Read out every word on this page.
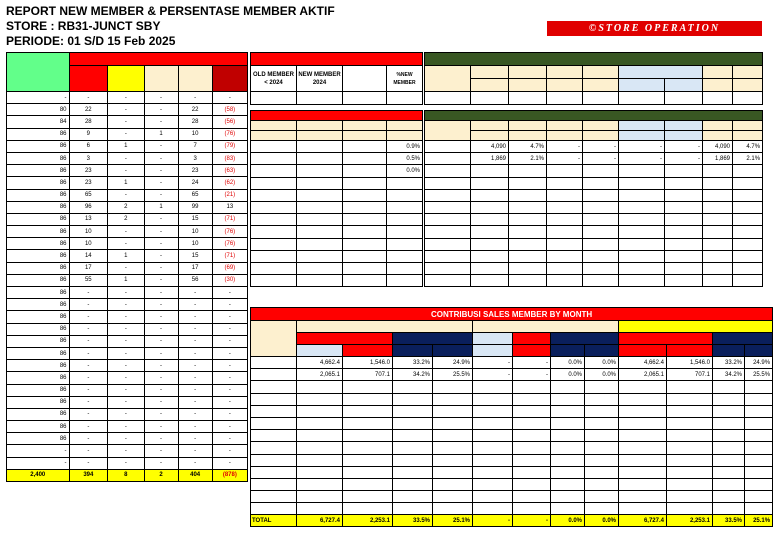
REPORT NEW MEMBER & PERSENTASE MEMBER AKTIF
STORE : RB31-JUNCT SBY
PERIODE: 01 S/D 15 Feb 2025
©STORE OPERATION

-	-	-	-	-	-
80	22	-	-	22	(58)
84	28	-	-	28	(56)
86	9	-	1	10	(76)
86	6	1	-	7	(79)
86	3	-	-	3	(83)
86	23	-	-	23	(63)
86	23	1	-	24	(62)
86	65	-	-	65	(21)
86	96	2	1	99	13
86	13	2	-	15	(71)
86	10	-	-	10	(76)
86	10	-	-	10	(76)
86	14	1	-	15	(71)
86	17	-	-	17	(69)
86	55	1	-	56	(30)
86	-	-	-	-	-
86	-	-	-	-	-
86	-	-	-	-	-
86	-	-	-	-	-
86	-	-	-	-	-
86	-	-	-	-	-
86	-	-	-	-	-
86	-	-	-	-	-
86	-	-	-	-	-
86	-	-	-	-	-
86	-	-	-	-	-
86	-	-	-	-	-
86	-	-	-	-	-
-	-	-	-	-	-
-	-	-	-	-	-
2,400	394	8	2	404	(878)

OLD MEMBER < 2024	NEW MEMBER 2024		%NEW MEMBER

			0.9%
			0.5%
			0.0%

	4,090	4.7%	-	-	-	-	4,090	4.7%
	1,869	2.1%	-	-	-	-	1,869	2.1%

CONTRIBUSI SALES MEMBER BY MONTH												

	4,662.4	1,546.0	33.2%	24.9%	-	-	0.0%	0.0%	4,662.4	1,546.0	33.2%	24.9%
	2,065.1	707.1	34.2%	25.5%	-	-	0.0%	0.0%	2,065.1	707.1	34.2%	25.5%

TOTAL	6,727.4	2,253.1	33.5%	25.1%	-	-	0.0%	0.0%	6,727.4	2,253.1	33.5%	25.1%
